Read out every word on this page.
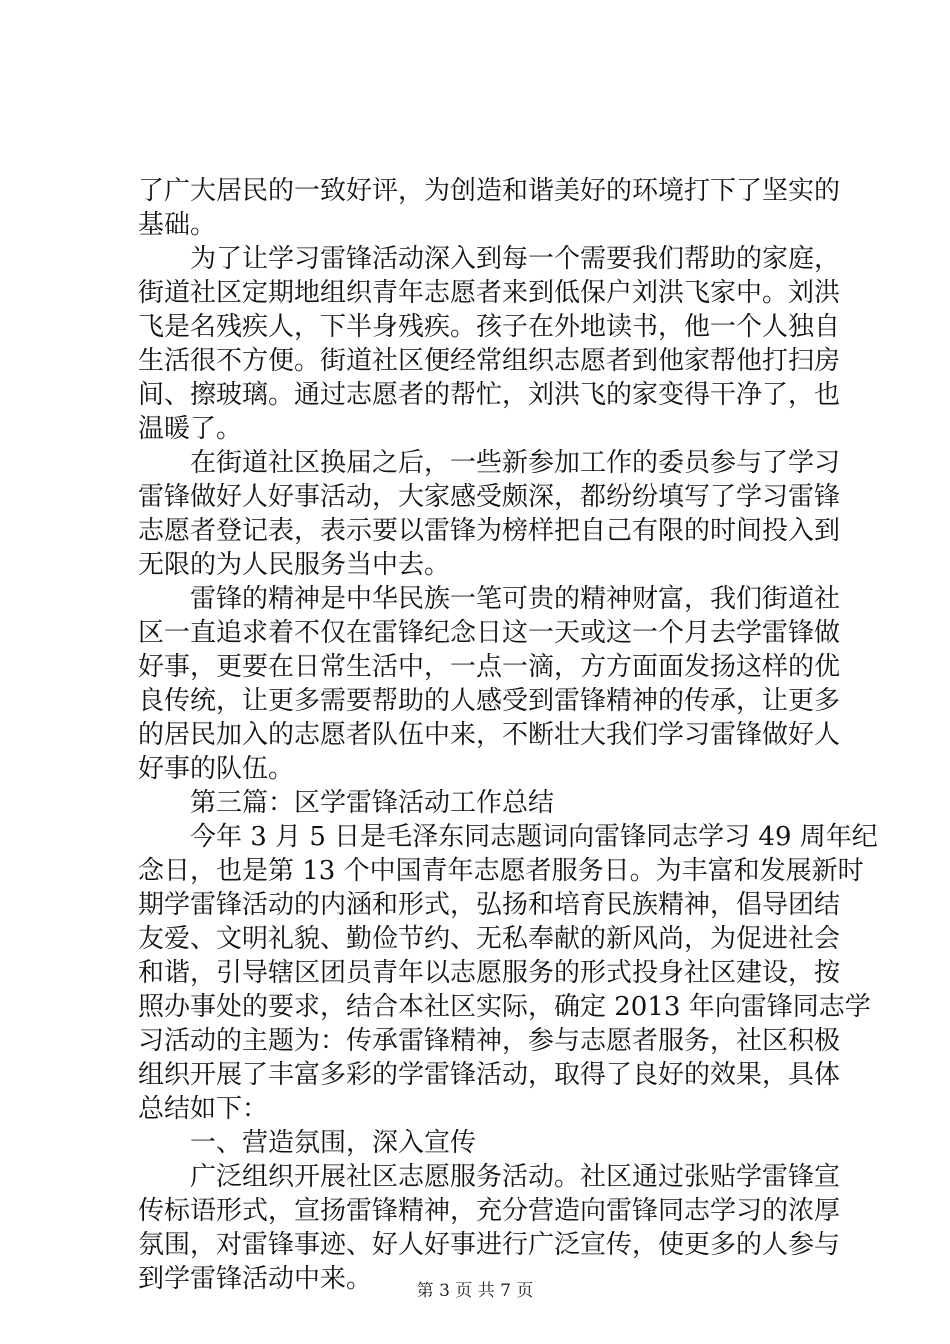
了广大居民的一致好评，为创造和谐美好的环境打下了坚实的
基础。
为了让学习雷锋活动深入到每一个需要我们帮助的家庭，
街道社区定期地组织青年志愿者来到低保户刘洪飞家中。刘洪
飞是名残疾人，下半身残疾。孩子在外地读书，他一个人独自
生活很不方便。街道社区便经常组织志愿者到他家帮他打扫房
间、擦玻璃。通过志愿者的帮忙，刘洪飞的家变得干净了，也
温暖了。
在街道社区换届之后，一些新参加工作的委员参与了学习
雷锋做好人好事活动，大家感受颇深，都纷纷填写了学习雷锋
志愿者登记表，表示要以雷锋为榜样把自己有限的时间投入到
无限的为人民服务当中去。
雷锋的精神是中华民族一笔可贵的精神财富，我们街道社
区一直追求着不仅在雷锋纪念日这一天或这一个月去学雷锋做
好事，更要在日常生活中，一点一滴，方方面面发扬这样的优
良传统，让更多需要帮助的人感受到雷锋精神的传承，让更多
的居民加入的志愿者队伍中来，不断壮大我们学习雷锋做好人
好事的队伍。
第三篇：区学雷锋活动工作总结
今年 3 月 5 日是毛泽东同志题词向雷锋同志学习 49 周年纪
念日，也是第 13 个中国青年志愿者服务日。为丰富和发展新时
期学雷锋活动的内涵和形式，弘扬和培育民族精神，倡导团结
友爱、文明礼貌、勤俭节约、无私奉献的新风尚，为促进社会
和谐，引导辖区团员青年以志愿服务的形式投身社区建设，按
照办事处的要求，结合本社区实际，确定 2013 年向雷锋同志学
习活动的主题为：传承雷锋精神，参与志愿者服务，社区积极
组织开展了丰富多彩的学雷锋活动，取得了良好的效果，具体
总结如下：
一、营造氛围，深入宣传
广泛组织开展社区志愿服务活动。社区通过张贴学雷锋宣
传标语形式，宣扬雷锋精神，充分营造向雷锋同志学习的浓厚
氛围，对雷锋事迹、好人好事进行广泛宣传，使更多的人参与
到学雷锋活动中来。	第 3 页 共 7 页
